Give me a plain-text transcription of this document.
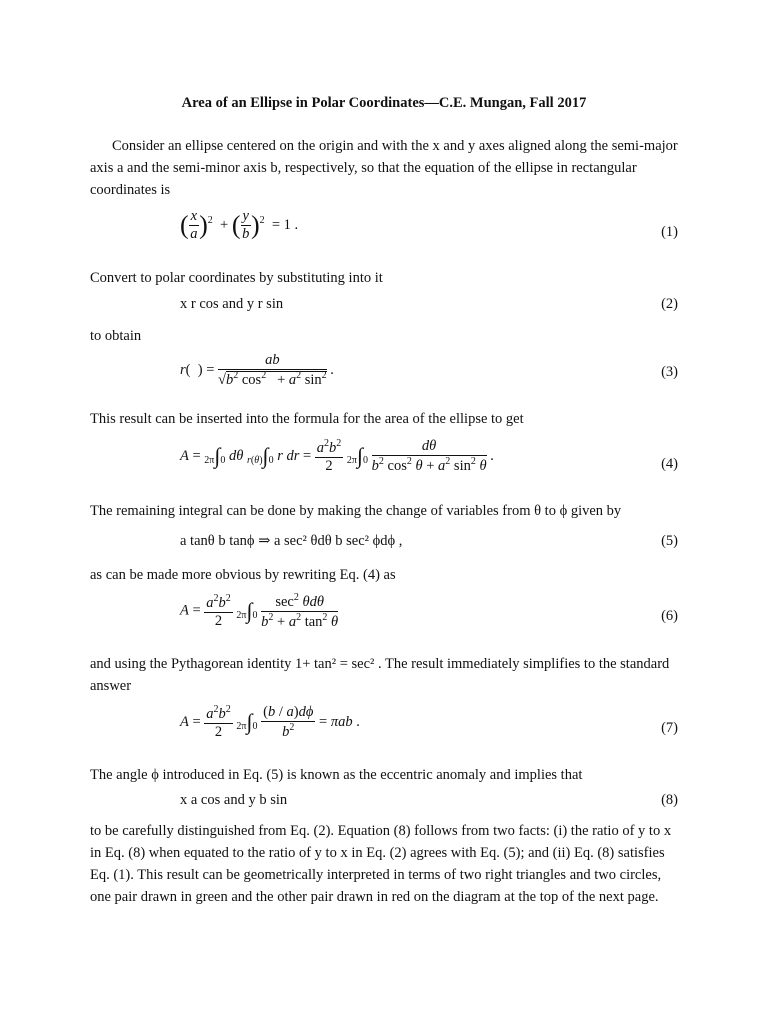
Area of an Ellipse in Polar Coordinates—C.E. Mungan, Fall 2017
Consider an ellipse centered on the origin and with the x and y axes aligned along the semi-major axis a and the semi-minor axis b, respectively, so that the equation of the ellipse in rectangular coordinates is
( $\frac{x}{a} )^2$  + ( $\frac{y}{b} )^2 = 1$ .	(1)
Convert to polar coordinates by substituting into it
x r cos and y r sin	(2)
to obtain
r(  ) = $\frac{ab}{√b^2 \cos^2 + a^2 \sin^2}$ .	(3)
This result can be inserted into the formula for the area of the ellipse to get
A = 2π∫0 dθ r(θ)∫0 r dr = $\frac{a^2b^2}{2} 2\pi\int 0 \frac{d\theta}{b^2 \cos^2 \theta + a^2 \sin^2 \theta}$ .
(4)
The remaining integral can be done by making the change of variables from θ to ϕ given by
a tanθ b tanϕ ⇒ a sec² θdθ b sec² ϕdϕ ,	(5)
as can be made more obvious by rewriting Eq. (4) as
$A = \frac{a^2b^2}{2} 2\pi\int 0 \frac{\sec^2 \theta d\theta}{b^2 + a^2 \tan^2 \theta}$	(6)
and using the Pythagorean identity 1+ tan² = sec² . The result immediately simplifies to the standard answer
$A = \frac{a^2b^2}{2} 2\pi\int 0 \frac{(b / a)d\phi}{b^2} = \pi ab$ .	(7)
The angle ϕ introduced in Eq. (5) is known as the eccentric anomaly and implies that
x a cos and y b sin	(8)
to be carefully distinguished from Eq. (2). Equation (8) follows from two facts: (i) the ratio of y to x in Eq. (8) when equated to the ratio of y to x in Eq. (2) agrees with Eq. (5); and (ii) Eq. (8) satisfies Eq. (1). This result can be geometrically interpreted in terms of two right triangles and two circles, one pair drawn in green and the other pair drawn in red on the diagram at the top of the next page.
